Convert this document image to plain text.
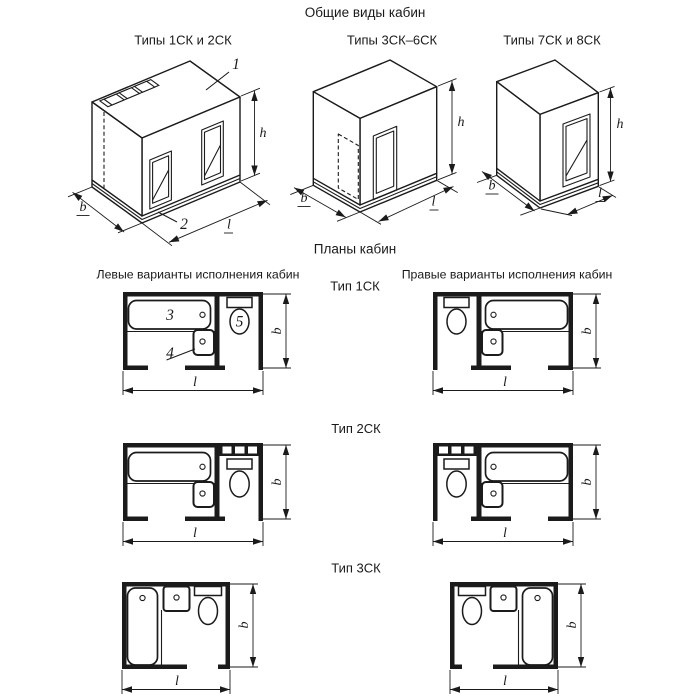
Общие виды кабин
Типы 1СК и 2СК
h
b
l
1
2
Типы 3СК–6СК
h
b	l
Типы 7СК и 8СК
h
b	l
Планы кабин
Левые варианты исполнения кабин	Правые варианты исполнения кабин
Тип 1СК
3
4
5
b
l
b
l
Тип 2СК
b
l
b
l
Тип 3СК
b
l
b
l
